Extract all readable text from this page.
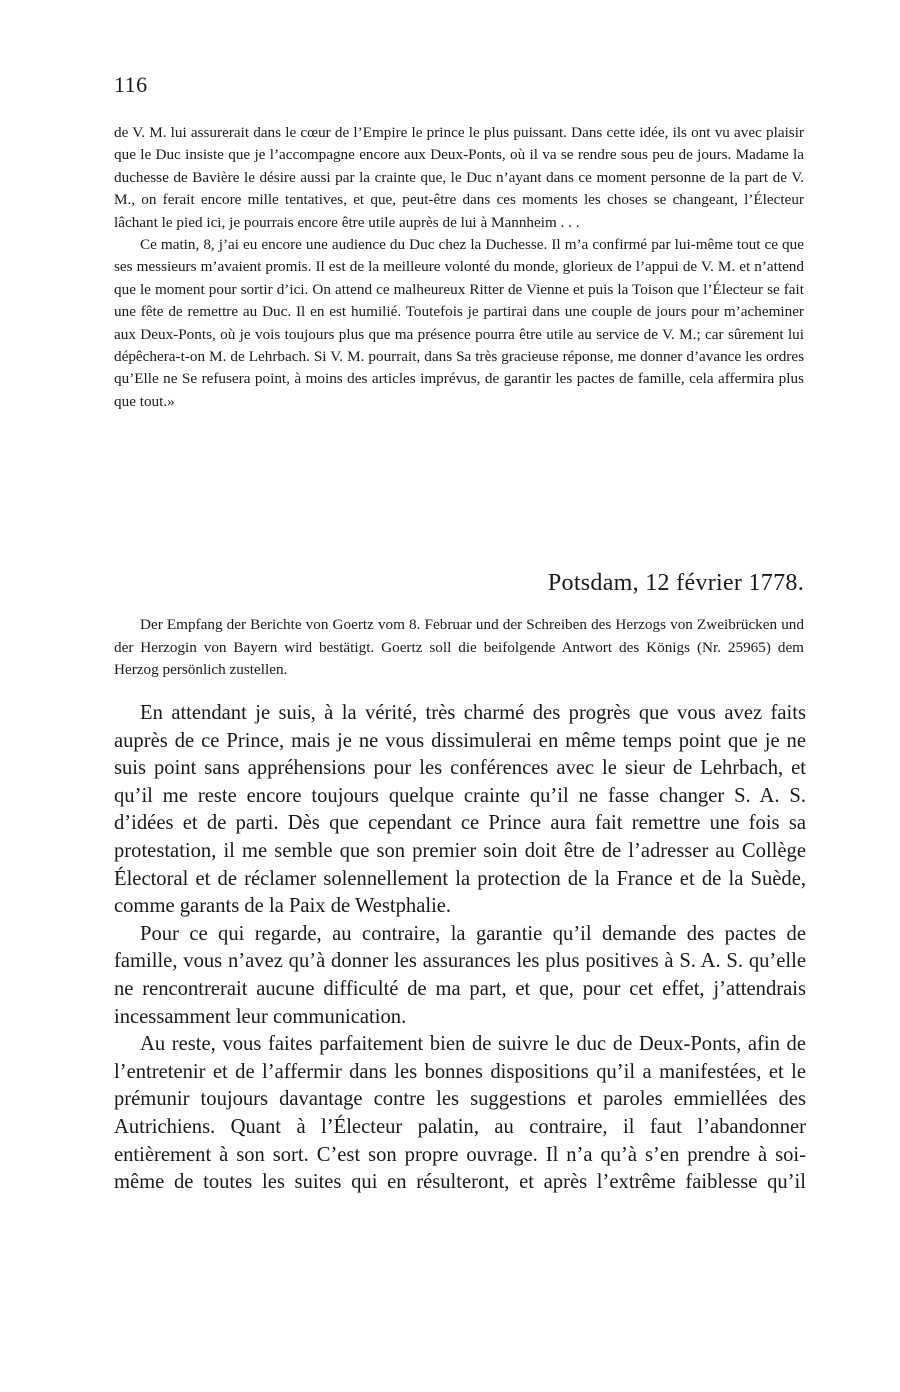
116

de V. M. lui assurerait dans le cœur de l’Empire le prince le plus puissant. Dans cette idée, ils ont vu avec plaisir que le Duc insiste que je l’accompagne encore aux Deux-Ponts, où il va se rendre sous peu de jours. Madame la duchesse de Bavière le désire aussi par la crainte que, le Duc n’ayant dans ce moment personne de la part de V. M., on ferait encore mille tentatives, et que, peut-être dans ces moments les choses se changeant, l’Électeur lâchant le pied ici, je pourrais encore être utile auprès de lui à Mannheim . . .

Ce matin, 8, j’ai eu encore une audience du Duc chez la Duchesse. Il m’a confirmé par lui-même tout ce que ses messieurs m’avaient promis. Il est de la meilleure volonté du monde, glorieux de l’appui de V. M. et n’attend que le moment pour sortir d’ici. On attend ce malheureux Ritter de Vienne et puis la Toison que l’Électeur se fait une fête de remettre au Duc. Il en est humilié. Toutefois je partirai dans une couple de jours pour m’acheminer aux Deux-Ponts, où je vois toujours plus que ma présence pourra être utile au service de V. M.; car sûrement lui dépêchera-t-on M. de Lehrbach. Si V. M. pourrait, dans Sa très gracieuse réponse, me donner d’avance les ordres qu’Elle ne Se refusera point, à moins des articles imprévus, de garantir les pactes de famille, cela affermira plus que tout.»

Potsdam, 12 février 1778.

Der Empfang der Berichte von Goertz vom 8. Februar und der Schreiben des Herzogs von Zweibrücken und der Herzogin von Bayern wird bestätigt. Goertz soll die beifolgende Antwort des Königs (Nr. 25965) dem Herzog persönlich zustellen.

En attendant je suis, à la vérité, très charmé des progrès que vous avez faits auprès de ce Prince, mais je ne vous dissimulerai en même temps point que je ne suis point sans appréhensions pour les conférences avec le sieur de Lehrbach, et qu’il me reste encore toujours quelque crainte qu’il ne fasse changer S. A. S. d’idées et de parti. Dès que cependant ce Prince aura fait remettre une fois sa protestation, il me semble que son premier soin doit être de l’adresser au Collège Électoral et de réclamer solennellement la protection de la France et de la Suède, comme garants de la Paix de Westphalie.

Pour ce qui regarde, au contraire, la garantie qu’il demande des pactes de famille, vous n’avez qu’à donner les assurances les plus positives à S. A. S. qu’elle ne rencontrerait aucune difficulté de ma part, et que, pour cet effet, j’attendrais incessamment leur communication.

Au reste, vous faites parfaitement bien de suivre le duc de Deux-Ponts, afin de l’entretenir et de l’affermir dans les bonnes dispositions qu’il a manifestées, et le prémunir toujours davantage contre les suggestions et paroles emmiellées des Autrichiens. Quant à l’Électeur palatin, au contraire, il faut l’abandonner entièrement à son sort. C’est son propre ouvrage. Il n’a qu’à s’en prendre à soi-même de toutes les suites qui en résulteront, et après l’extrême faiblesse qu’il
